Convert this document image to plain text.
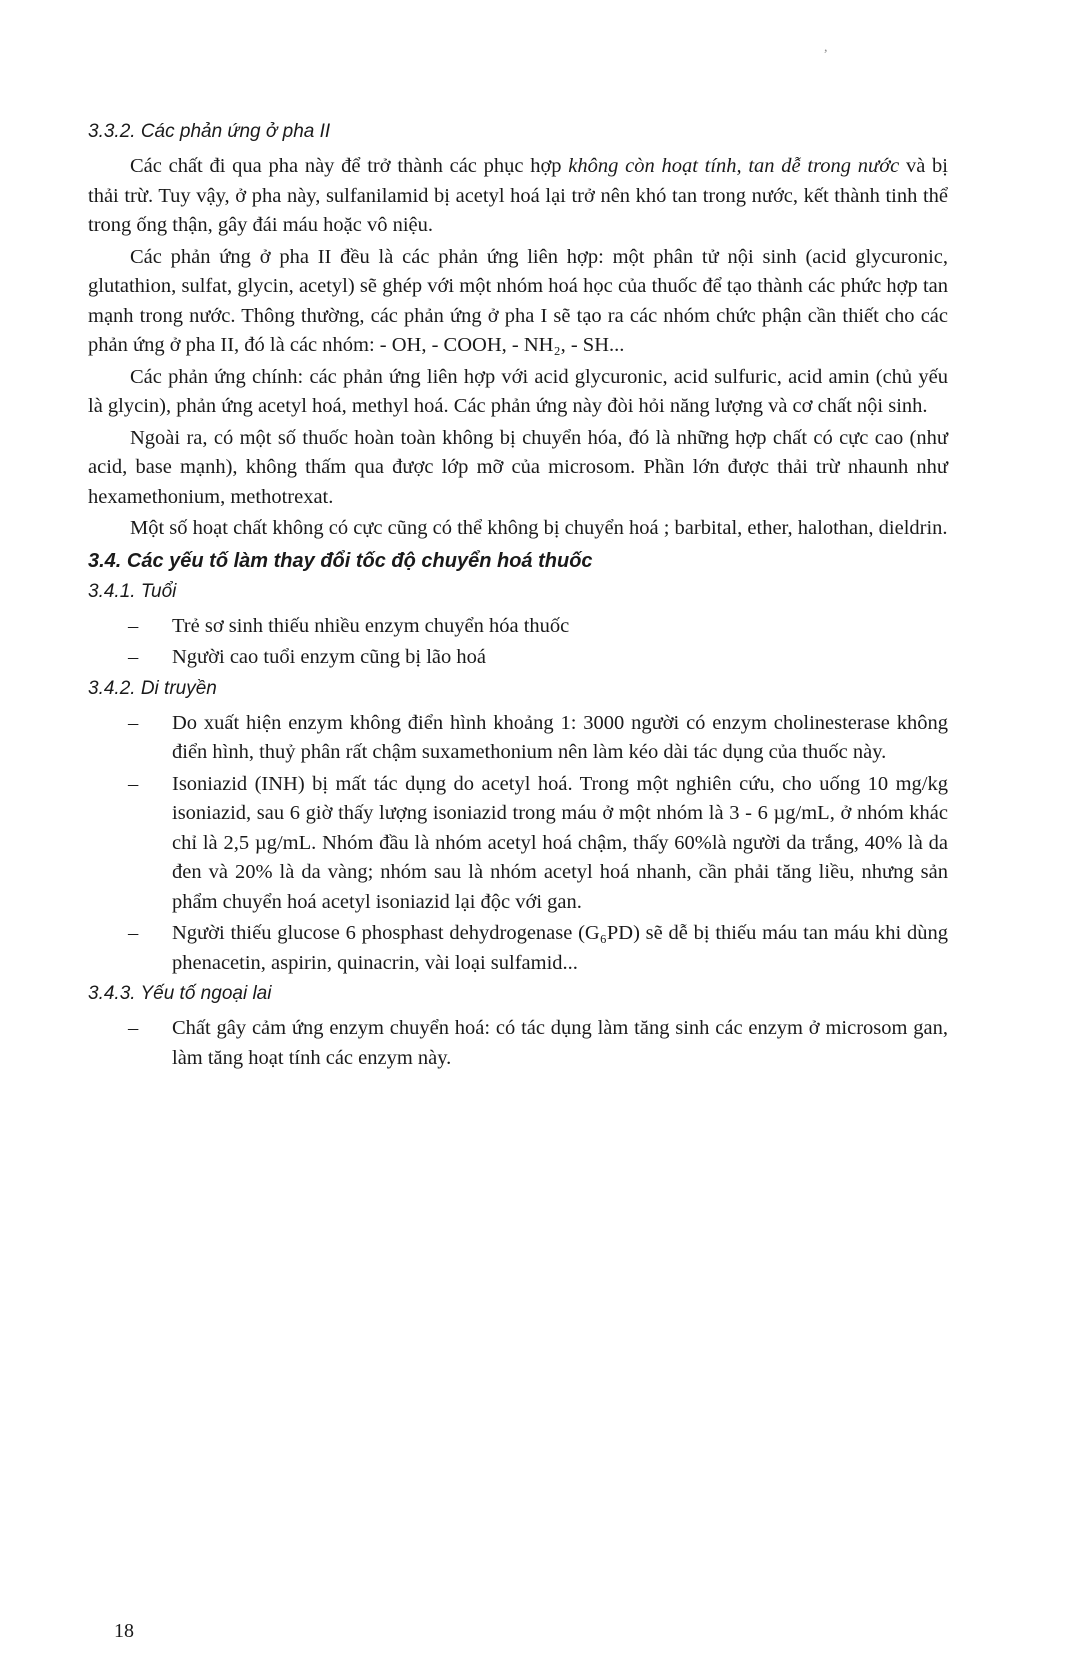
,
3.3.2. Các phản ứng ở pha II

Các chất đi qua pha này để trở thành các phục hợp không còn hoạt tính, tan dễ trong nước và bị thải trừ. Tuy vậy, ở pha này, sulfanilamid bị acetyl hoá lại trở nên khó tan trong nước, kết thành tinh thể trong ống thận, gây đái máu hoặc vô niệu.

Các phản ứng ở pha II đều là các phản ứng liên hợp: một phân tử nội sinh (acid glycuronic, glutathion, sulfat, glycin, acetyl) sẽ ghép với một nhóm hoá học của thuốc để tạo thành các phức hợp tan mạnh trong nước. Thông thường, các phản ứng ở pha I sẽ tạo ra các nhóm chức phận cần thiết cho các phản ứng ở pha II, đó là các nhóm: - OH, - COOH, - NH₂, - SH...

Các phản ứng chính: các phản ứng liên hợp với acid glycuronic, acid sulfuric, acid amin (chủ yếu là glycin), phản ứng acetyl hoá, methyl hoá. Các phản ứng này đòi hỏi năng lượng và cơ chất nội sinh.

Ngoài ra, có một số thuốc hoàn toàn không bị chuyển hóa, đó là những hợp chất có cực cao (như acid, base mạnh), không thấm qua được lớp mỡ của microsom. Phần lớn được thải trừ nhaunh như hexamethonium, methotrexat.

Một số hoạt chất không có cực cũng có thể không bị chuyển hoá ; barbital, ether, halothan, dieldrin.

3.4. Các yếu tố làm thay đổi tốc độ chuyển hoá thuốc
3.4.1. Tuổi
– Trẻ sơ sinh thiếu nhiều enzym chuyển hóa thuốc
– Người cao tuổi enzym cũng bị lão hoá
3.4.2. Di truyền
– Do xuất hiện enzym không điển hình khoảng 1: 3000 người có enzym cholinesterase không điển hình, thuỷ phân rất chậm suxamethonium nên làm kéo dài tác dụng của thuốc này.
– Isoniazid (INH) bị mất tác dụng do acetyl hoá. Trong một nghiên cứu, cho uống 10 mg/kg isoniazid, sau 6 giờ thấy lượng isoniazid trong máu ở một nhóm là 3 - 6 µg/mL, ở nhóm khác chỉ là 2,5 µg/mL. Nhóm đầu là nhóm acetyl hoá chậm, thấy 60%là người da trắng, 40% là da đen và 20% là da vàng; nhóm sau là nhóm acetyl hoá nhanh, cần phải tăng liều, nhưng sản phẩm chuyển hoá acetyl isoniazid lại độc với gan.
– Người thiếu glucose 6 phosphast dehydrogenase (G₆PD) sẽ dễ bị thiếu máu tan máu khi dùng phenacetin, aspirin, quinacrin, vài loại sulfamid...
3.4.3. Yếu tố ngoại lai
– Chất gây cảm ứng enzym chuyển hoá: có tác dụng làm tăng sinh các enzym ở microsom gan, làm tăng hoạt tính các enzym này.
18
